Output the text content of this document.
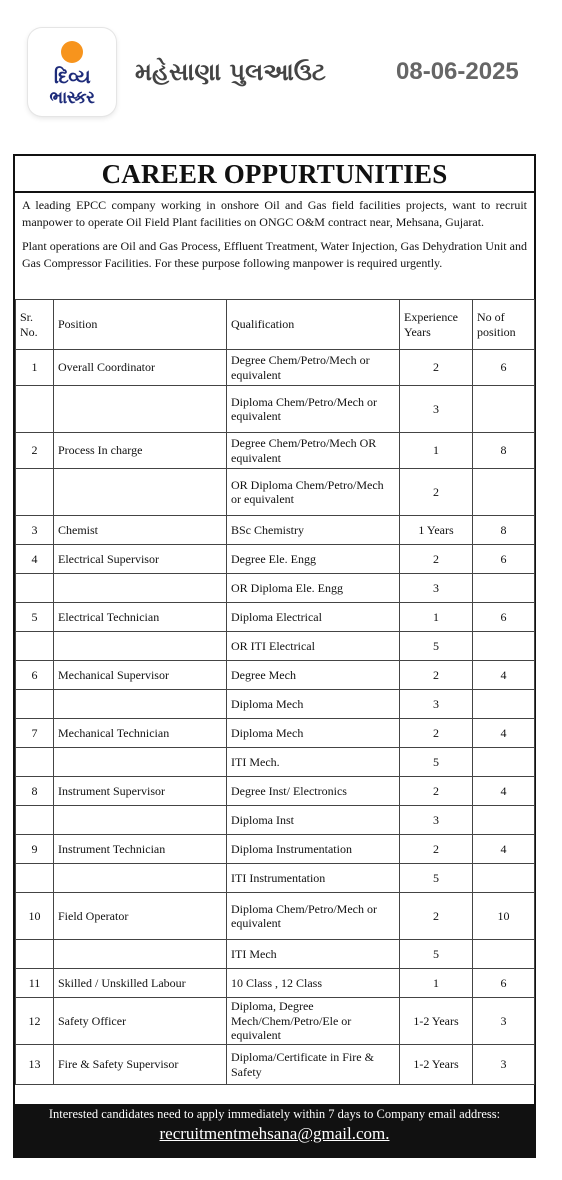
દિવ્ય
ભાસ્કર
મહેસાણા પુલઆઉટ	08-06-2025
CAREER OPPURTUNITIES

A leading EPCC company working in onshore Oil and Gas field facilities projects, want to recruit manpower to operate Oil Field Plant facilities on ONGC O&M contract near, Mehsana, Gujarat.

Plant operations are Oil and Gas Process, Effluent Treatment, Water Injection, Gas Dehydration Unit and Gas Compressor Facilities. For these purpose following manpower is required urgently.

Sr. No.	Position	Qualification	Experience Years	No of position
1	Overall Coordinator	Degree Chem/Petro/Mech or equivalent	2	6
		Diploma Chem/Petro/Mech or equivalent	3	
2	Process In charge	Degree Chem/Petro/Mech OR equivalent	1	8
		OR Diploma Chem/Petro/Mech or equivalent	2	
3	Chemist	BSc Chemistry	1 Years	8
4	Electrical Supervisor	Degree Ele. Engg	2	6
		OR Diploma Ele. Engg	3	
5	Electrical Technician	Diploma Electrical	1	6
		OR ITI Electrical	5	
6	Mechanical Supervisor	Degree Mech	2	4
		Diploma Mech	3	
7	Mechanical Technician	Diploma Mech	2	4
		ITI Mech.	5	
8	Instrument Supervisor	Degree Inst/ Electronics	2	4
		Diploma Inst	3	
9	Instrument Technician	Diploma Instrumentation	2	4
		ITI Instrumentation	5	
10	Field Operator	Diploma Chem/Petro/Mech or equivalent	2	10
		ITI Mech	5	
11	Skilled / Unskilled Labour	10 Class , 12 Class	1	6
12	Safety Officer	Diploma, Degree Mech/Chem/Petro/Ele or equivalent	1-2 Years	3
13	Fire & Safety Supervisor	Diploma/Certificate in Fire & Safety	1-2 Years	3
Interested candidates need to apply immediately within 7 days to Company email address:
recruitmentmehsana@gmail.com.
